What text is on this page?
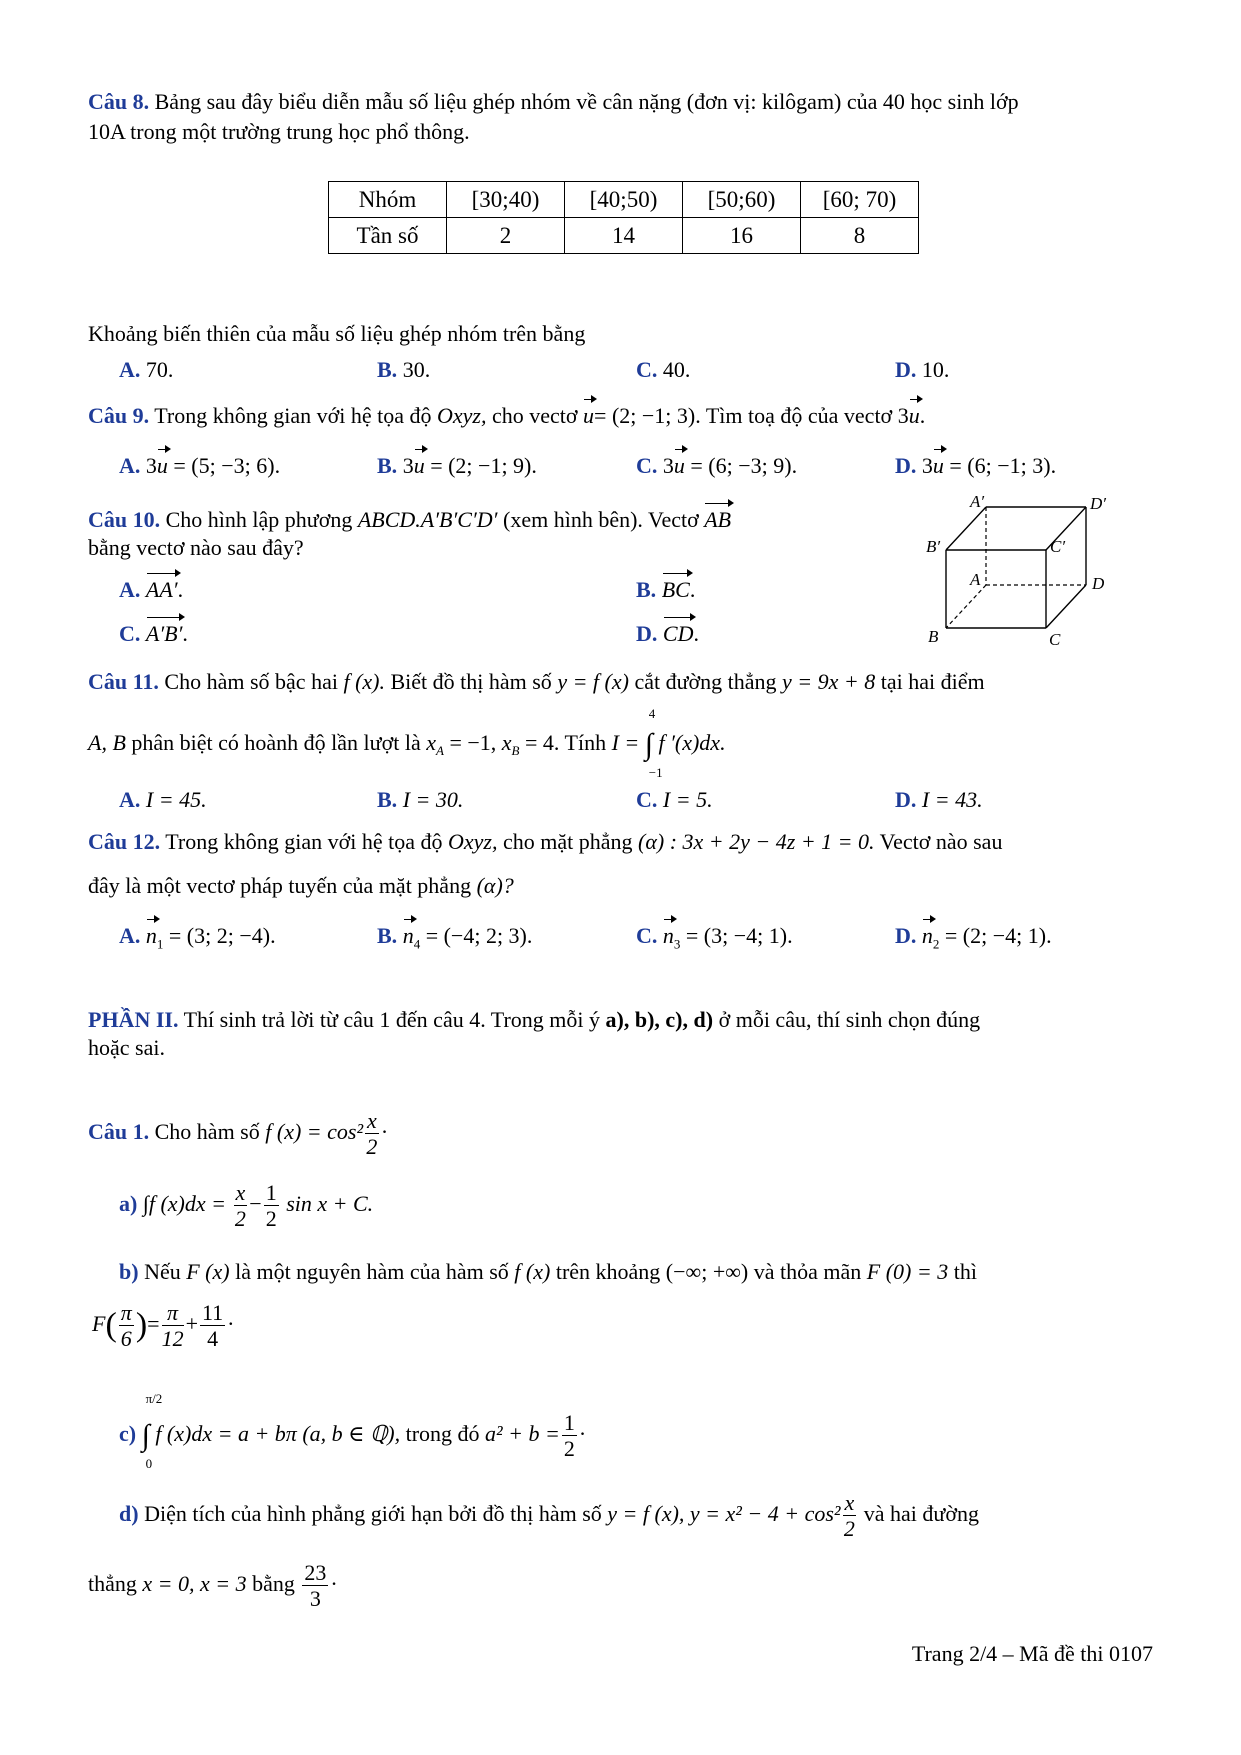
Câu 8. Bảng sau đây biểu diễn mẫu số liệu ghép nhóm về cân nặng (đơn vị: kilôgam) của 40 học sinh lớp
10A trong một trường trung học phổ thông.
Nhóm	[30;40)	[40;50)	[50;60)	[60; 70)
Tần số	2	14	16	8
Khoảng biến thiên của mẫu số liệu ghép nhóm trên bằng
A. 70.	B. 30.	C. 40.	D. 10.
Câu 9. Trong không gian với hệ tọa độ Oxyz, cho vectơ u= (2; −1; 3). Tìm toạ độ của vectơ 3u.
A. 3u = (5; −3; 6).	B. 3u = (2; −1; 9).	C. 3u = (6; −3; 9).	D. 3u = (6; −1; 3).
Câu 10. Cho hình lập phương ABCD.A′B′C′D′ (xem hình bên). Vectơ AB
bằng vectơ nào sau đây?
A. AA′.	B. BC.
C. A′B′.	D. CD.
A′	D′
B′	C′
A	D
B	C
Câu 11. Cho hàm số bậc hai f (x). Biết đồ thị hàm số y = f (x) cắt đường thẳng y = 9x + 8 tại hai điểm
A, B phân biệt có hoành độ lần lượt là $x_A = -1$, $x_B = 4$. Tính I = ∫
4
−1
f ′(x)dx.
A. I = 45.	B. I = 30.	C. I = 5.	D. I = 43.
Câu 12. Trong không gian với hệ tọa độ Oxyz, cho mặt phẳng (α) : 3x + 2y − 4z + 1 = 0. Vectơ nào sau
đây là một vectơ pháp tuyến của mặt phẳng (α)?
A. $n_1 = (3$; 2; −4).	B. $n_4 = (-4$; 2; 3).	C. $n_3 = (3$; −4; 1).	D. $n_2 = (2$; −4; 1).
PHẦN II. Thí sinh trả lời từ câu 1 đến câu 4. Trong mỗi ý a), b), c), d) ở mỗi câu, thí sinh chọn đúng
hoặc sai.
Câu 1. Cho hàm số f $(x) = \cos^2 \frac{x}{2}$ ·
a) ∫f $(x)dx = \frac{x}{2} - \frac{1}{2}$ sin x + C.
b) Nếu F (x) là một nguyên hàm của hàm số f (x) trên khoảng (−∞; +∞) và thỏa mãn F (0) = 3 thì
$F( \frac{\pi}{6}$ )= $\frac{\pi}{12} + \frac{11}{4}$ ·
c) ∫
π/2
0
f (x)dx = a + bπ (a, b ∈ ℚ), trong đó $a^2 + b = \frac{1}{2}$ ·
d) Diện tích của hình phẳng giới hạn bởi đồ thị hàm số y = f (x), $y = x^2 - 4 + \cos^2 \frac{x}{2}$ và hai đường
thẳng x = 0, x = 3 bằng $\frac{23}{3}$ ·
Trang 2/4 – Mã đề thi 0107
